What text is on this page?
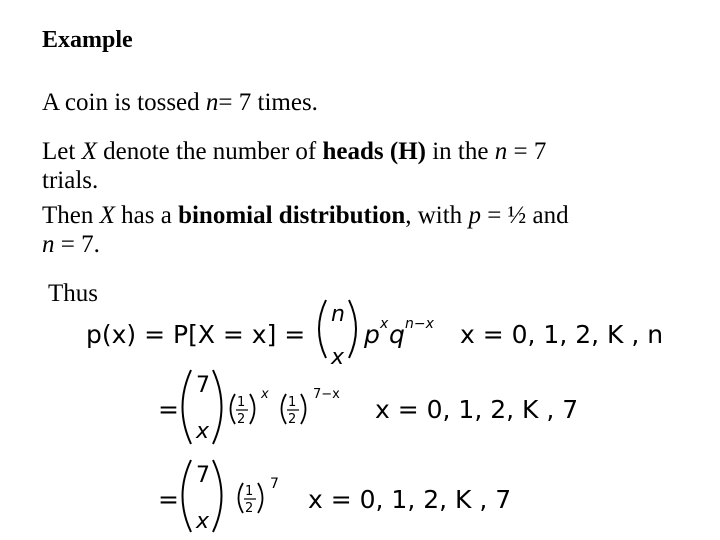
Example
A coin is tossed n= 7 times.
Let X denote the number of heads (H) in the n = 7
trials.
Then X has a binomial distribution, with p = ½ and
n = 7.
Thus
p(x) = P[X = x] =
n
x
p x q n−x x = 0, 1, 2, K , n
=
7
x
1
2
x
1
2
7−x
x = 0, 1, 2, K , 7
=
7
x
1
2
7
x = 0, 1, 2, K , 7
